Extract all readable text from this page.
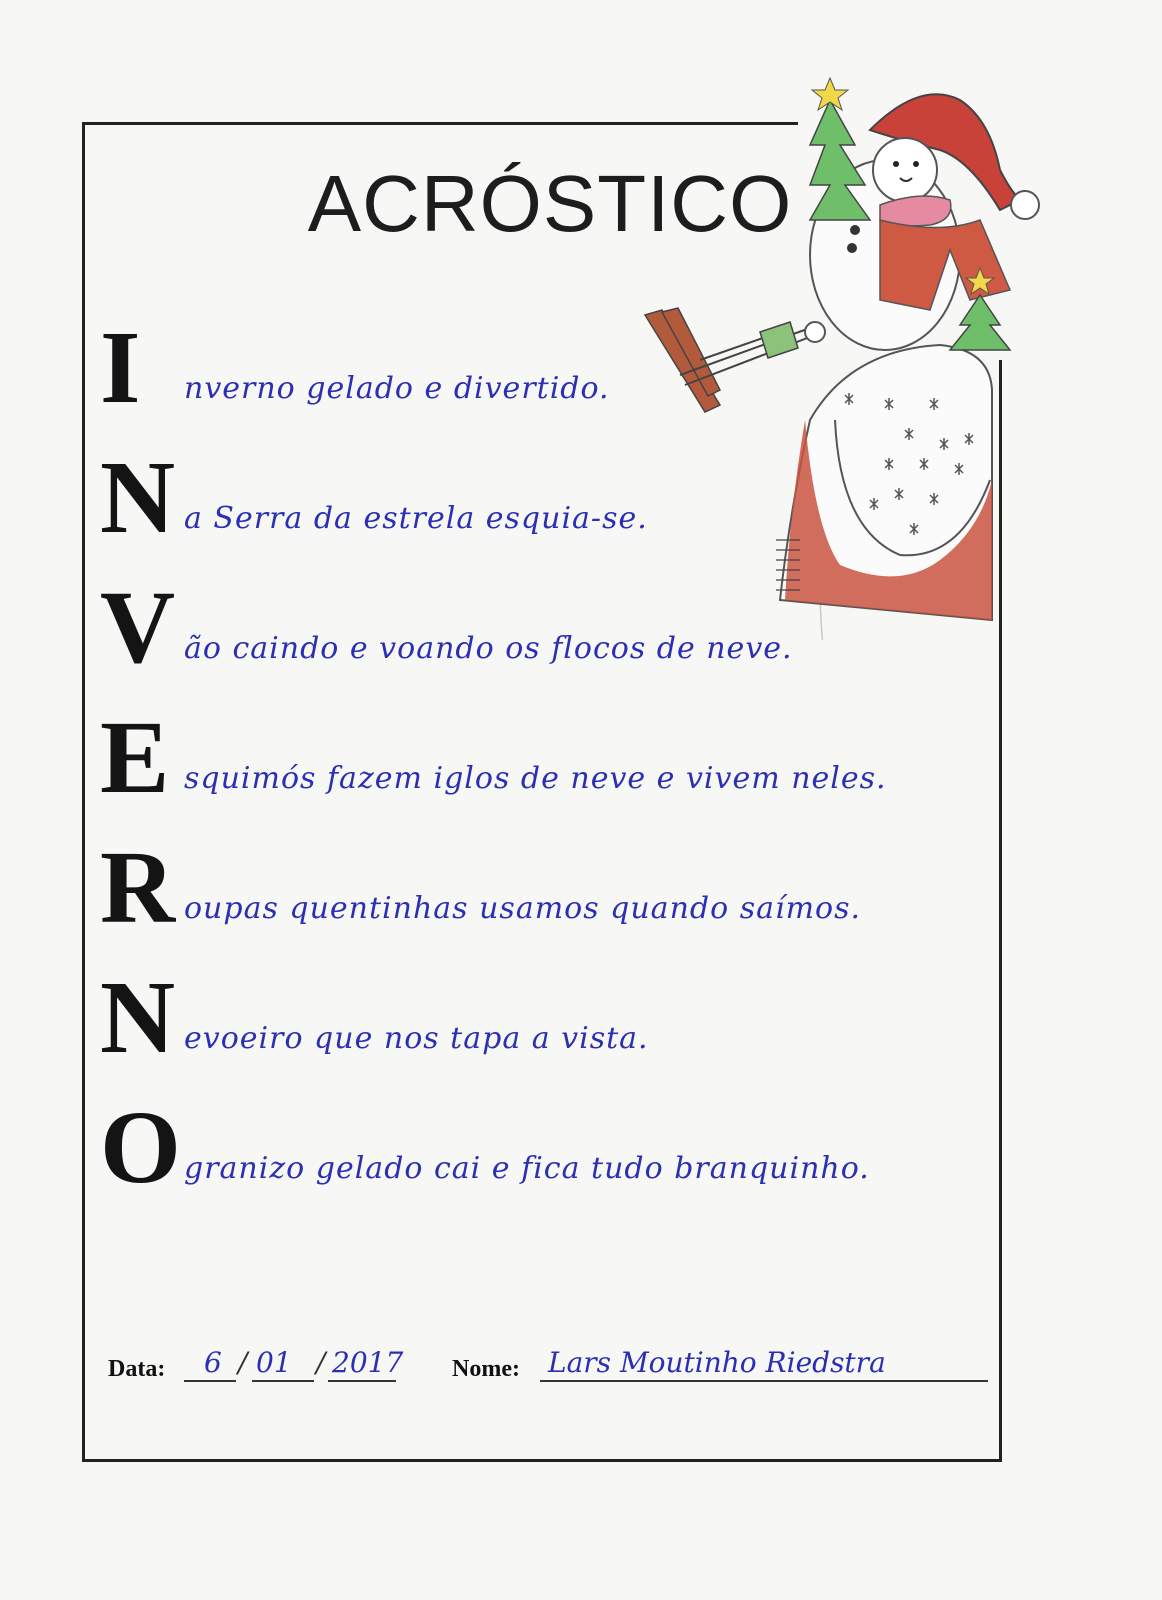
ACRÓSTICO
I	nverno gelado e divertido.
N a Serra da estrela esquia-se.
V ão caindo e voando os flocos de neve.
E squimós fazem iglos de neve e vivem neles.
R oupas quentinhas usamos quando saímos.
N evoeiro que nos tapa a vista.
O granizo gelado cai e fica tudo branquinho.
Data: 6 / 01 / 2017 Nome: Lars Moutinho Riedstra
